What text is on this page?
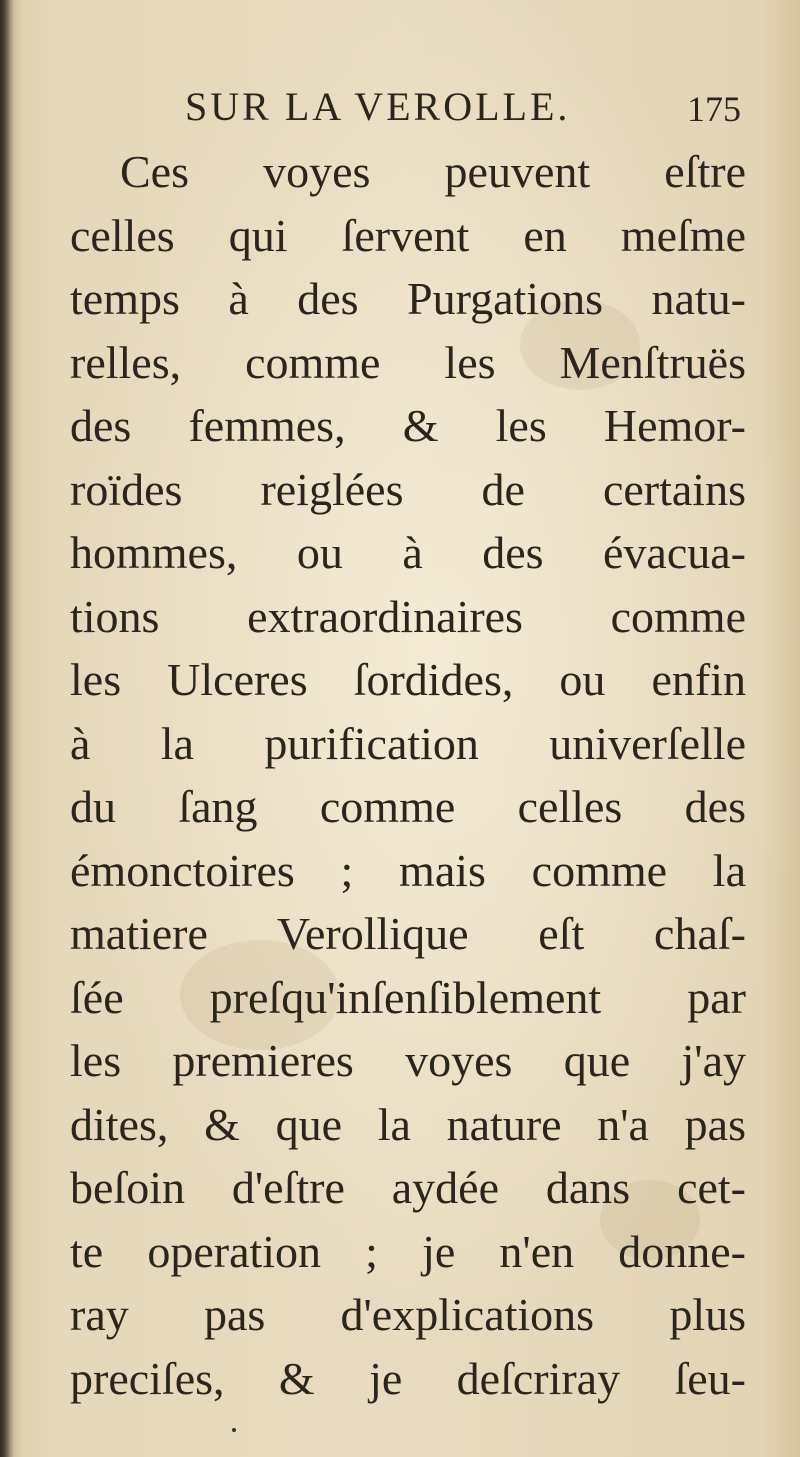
SUR LA VEROLLE.	175
Ces voyes peuvent eſtre
celles qui ſervent en meſme
temps à des Purgations natu-
relles, comme les Menſtruës
des femmes, & les Hemor-
roïdes reiglées de certains
hommes, ou à des évacua-
tions extraordinaires comme
les Ulceres ſordides, ou enfin
à la purification univerſelle
du ſang comme celles des
émonctoires ; mais comme la
matiere Verollique eſt chaſ-
ſée preſqu'inſenſiblement par
les premieres voyes que j'ay
dites, & que la nature n'a pas
beſoin d'eſtre aydée dans cet-
te operation ; je n'en donne-
ray pas d'explications plus
preciſes, & je deſcriray ſeu-
